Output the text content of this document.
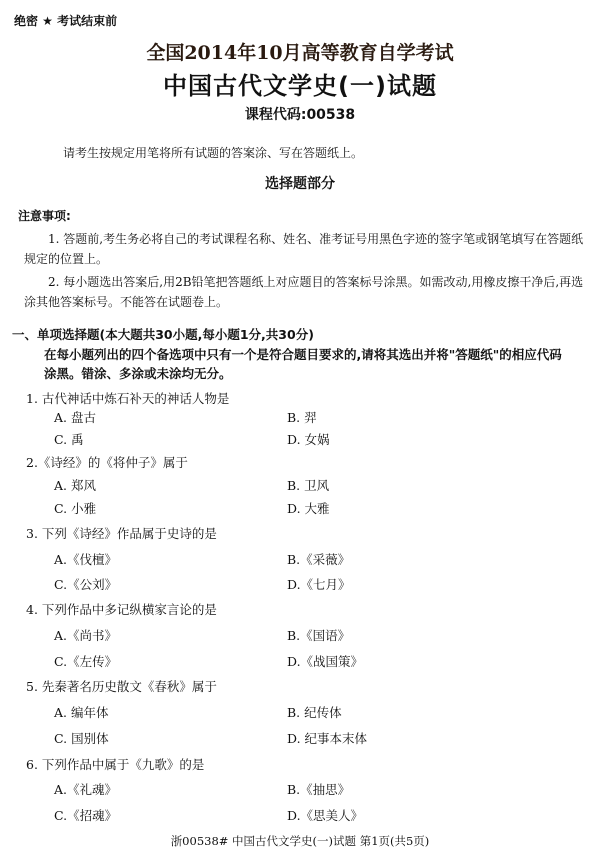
绝密 ★ 考试结束前
全国2014年10月高等教育自学考试
中国古代文学史(一)试题
课程代码:00538
请考生按规定用笔将所有试题的答案涂、写在答题纸上。
选择题部分
注意事项:
1. 答题前,考生务必将自己的考试课程名称、姓名、准考证号用黑色字迹的签字笔或钢笔填写在答题纸规定的位置上。
2. 每小题选出答案后,用2B铅笔把答题纸上对应题目的答案标号涂黑。如需改动,用橡皮擦干净后,再选涂其他答案标号。不能答在试题卷上。
一、单项选择题(本大题共30小题,每小题1分,共30分)
在每小题列出的四个备选项中只有一个是符合题目要求的,请将其选出并将"答题纸"的相应代码涂黑。错涂、多涂或未涂均无分。
1. 古代神话中炼石补天的神话人物是
A. 盘古	B. 羿
C. 禹	D. 女娲
2.《诗经》的《将仲子》属于
A. 郑风	B. 卫风
C. 小雅	D. 大雅
3. 下列《诗经》作品属于史诗的是
A.《伐檀》	B.《采薇》
C.《公刘》	D.《七月》
4. 下列作品中多记纵横家言论的是
A.《尚书》	B.《国语》
C.《左传》	D.《战国策》
5. 先秦著名历史散文《春秋》属于
A. 编年体	B. 纪传体
C. 国别体	D. 纪事本末体
6. 下列作品中属于《九歌》的是
A.《礼魂》	B.《抽思》
C.《招魂》	D.《思美人》
浙00538# 中国古代文学史(一)试题 第1页(共5页)
